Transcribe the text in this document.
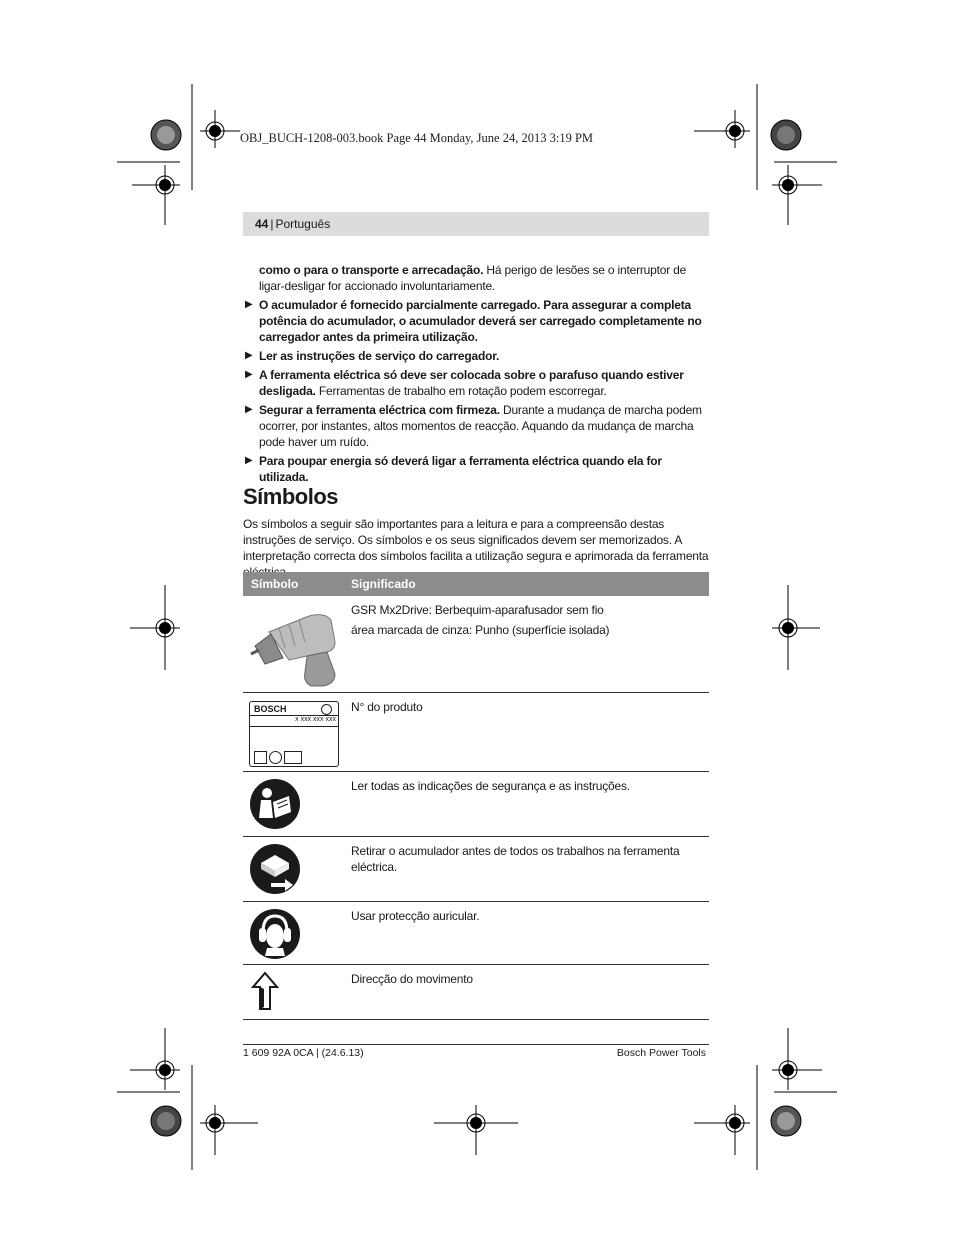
OBJ_BUCH-1208-003.book Page 44 Monday, June 24, 2013 3:19 PM
44 | Português

como o para o transporte e arrecadação. Há perigo de lesões se o interruptor de ligar-desligar for accionado involuntariamente.

▶ O acumulador é fornecido parcialmente carregado. Para assegurar a completa potência do acumulador, o acumulador deverá ser carregado completamente no carregador antes da primeira utilização.

▶ Ler as instruções de serviço do carregador.

▶ A ferramenta eléctrica só deve ser colocada sobre o parafuso quando estiver desligada. Ferramentas de trabalho em rotação podem escorregar.

▶ Segurar a ferramenta eléctrica com firmeza. Durante a mudança de marcha podem ocorrer, por instantes, altos momentos de reacção. Aquando da mudança de marcha pode haver um ruído.

▶ Para poupar energia só deverá ligar a ferramenta eléctrica quando ela for utilizada.

Símbolos
Os símbolos a seguir são importantes para a leitura e para a compreensão destas instruções de serviço. Os símbolos e os seus significados devem ser memorizados. A interpretação correcta dos símbolos facilita a utilização segura e aprimorada da ferramenta
Símbolo	Significado
GSR Mx2Drive: Berbequim-aparafusador sem fio
área marcada de cinza: Punho (superfície isolada)
BOSCH
x xxx xxx xxx
N° do produto
Ler todas as indicações de segurança e as instruções.
Retirar o acumulador antes de todos os trabalhos na ferramenta eléctrica.
Usar protecção auricular.
Direcção do movimento
1 609 92A 0CA | (24.6.13)	Bosch Power Tools
